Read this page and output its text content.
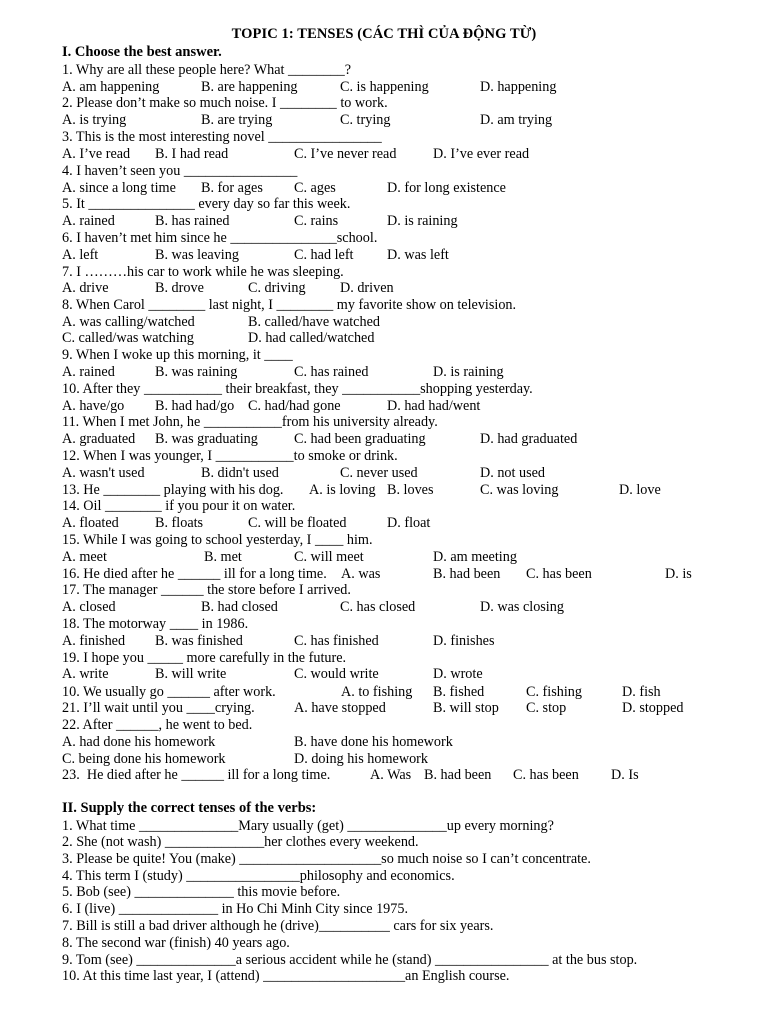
TOPIC 1: TENSES (CÁC THÌ CỦA ĐỘNG TỪ)
I. Choose the best answer.
1. Why are all these people here? What ________?
A. am happening	B. are happening	C. is happening	D. happening
2. Please don’t make so much noise. I ________ to work.
A. is trying	B. are trying	C. trying	D. am trying
3. This is the most interesting novel ________________
A. I’ve read B. I had read	C. I’ve never read	D. I’ve ever read
4. I haven’t seen you ________________
A. since a long time B. for ages C. ages	D. for long existence
5. It _______________ every day so far this week.
A. rained	B. has rained	C. rains	D. is raining
6. I haven’t met him since he _______________school.
A. left	B. was leaving	C. had left D. was left
7. I ………his car to work while he was sleeping.
A. drive	B. drove	C. driving D. driven
8. When Carol ________ last night, I ________ my favorite show on television.
A. was calling/watched	B. called/have watched
C. called/was watching	D. had called/watched
9. When I woke up this morning, it ____
A. rained	B. was raining	C. has rained	D. is raining
10. After they ___________ their breakfast, they ___________shopping yesterday.
A. have/go B. had had/go C. had/had gone	D. had had/went
11. When I met John, he ___________from his university already.
A. graduated B. was graduating	C. had been graduating	D. had graduated
12. When I was younger, I ___________to smoke or drink.
A. wasn't used	B. didn't used	C. never used	D. not used
13. He ________ playing with his dog. A. is loving B. loves	C. was loving	D. love
14. Oil ________ if you pour it on water.
A. floated	B. floats	C. will be floated	D. float
15. While I was going to school yesterday, I ____ him.
A. meet	B. met	C. will meet	D. am meeting
16. He died after he ______ ill for a long time. A. was	B. had been C. has been	D. is
17. The manager ______ the store before I arrived.
A. closed	B. had closed	C. has closed	D. was closing
18. The motorway ____ in 1986.
A. finished B. was finished	C. has finished	D. finishes
19. I hope you _____ more carefully in the future.
A. write	B. will write	C. would write	D. wrote
10. We usually go ______ after work.	A. to fishing B. fished	C. fishing	D. fish
21. I’ll wait until you ____crying.	A. have stopped	B. will stop C. stop	D. stopped
22. After ______, he went to bed.
A. had done his homework	B. have done his homework
C. being done his homework	D. doing his homework
23.  He died after he ______ ill for a long time.	A. Was B. had been C. has been D. Is
II. Supply the correct tenses of the verbs:
1. What time ______________Mary usually (get) ______________up every morning?
2. She (not wash) ______________her clothes every weekend.
3. Please be quite! You (make) ____________________so much noise so I can’t concentrate.
4. This term I (study) ________________philosophy and economics.
5. Bob (see) ______________ this movie before.
6. I (live) ______________ in Ho Chi Minh City since 1975.
7. Bill is still a bad driver although he (drive)__________ cars for six years.
8. The second war (finish) 40 years ago.
9. Tom (see) ______________a serious accident while he (stand) ________________ at the bus stop.
10. At this time last year, I (attend) ____________________an English course.
